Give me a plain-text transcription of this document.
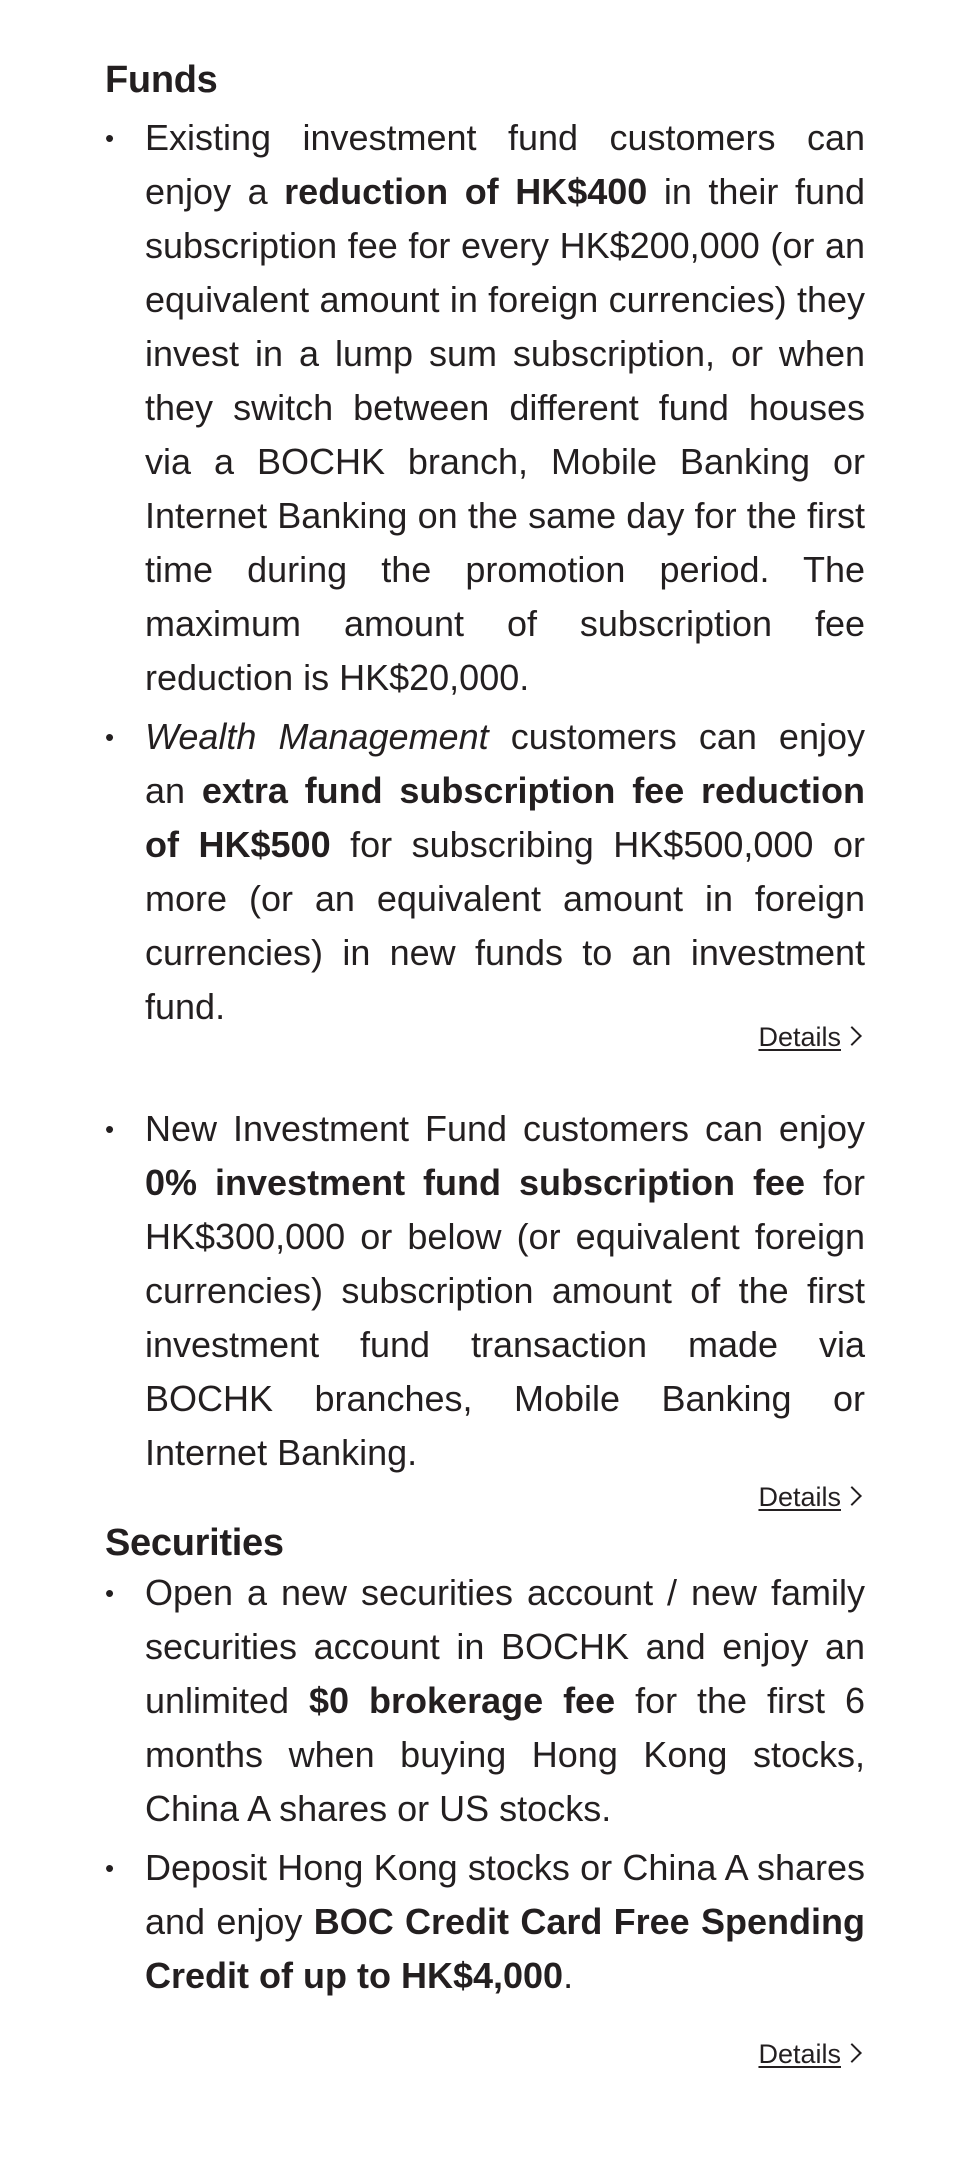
Funds
• Existing investment fund customers can enjoy a reduction of HK$400 in their fund subscription fee for every HK$200,000 (or an equivalent amount in foreign currencies) they invest in a lump sum subscription, or when they switch between different fund houses via a BOCHK branch, Mobile Banking or Internet Banking on the same day for the first time during the promotion period. The maximum amount of subscription fee reduction is HK$20,000.
• Wealth Management customers can enjoy an extra fund subscription fee reduction of HK$500 for subscribing HK$500,000 or more (or an equivalent amount in foreign currencies) in new funds to an investment fund.
Details
• New Investment Fund customers can enjoy 0% investment fund subscription fee for HK$300,000 or below (or equivalent foreign currencies) subscription amount of the first investment fund transaction made via BOCHK branches, Mobile Banking or Internet Banking.
Details
Securities
• Open a new securities account / new family securities account in BOCHK and enjoy an unlimited $0 brokerage fee for the first 6 months when buying Hong Kong stocks, China A shares or US stocks.
• Deposit Hong Kong stocks or China A shares and enjoy BOC Credit Card Free Spending Credit of up to HK$4,000.
Details
